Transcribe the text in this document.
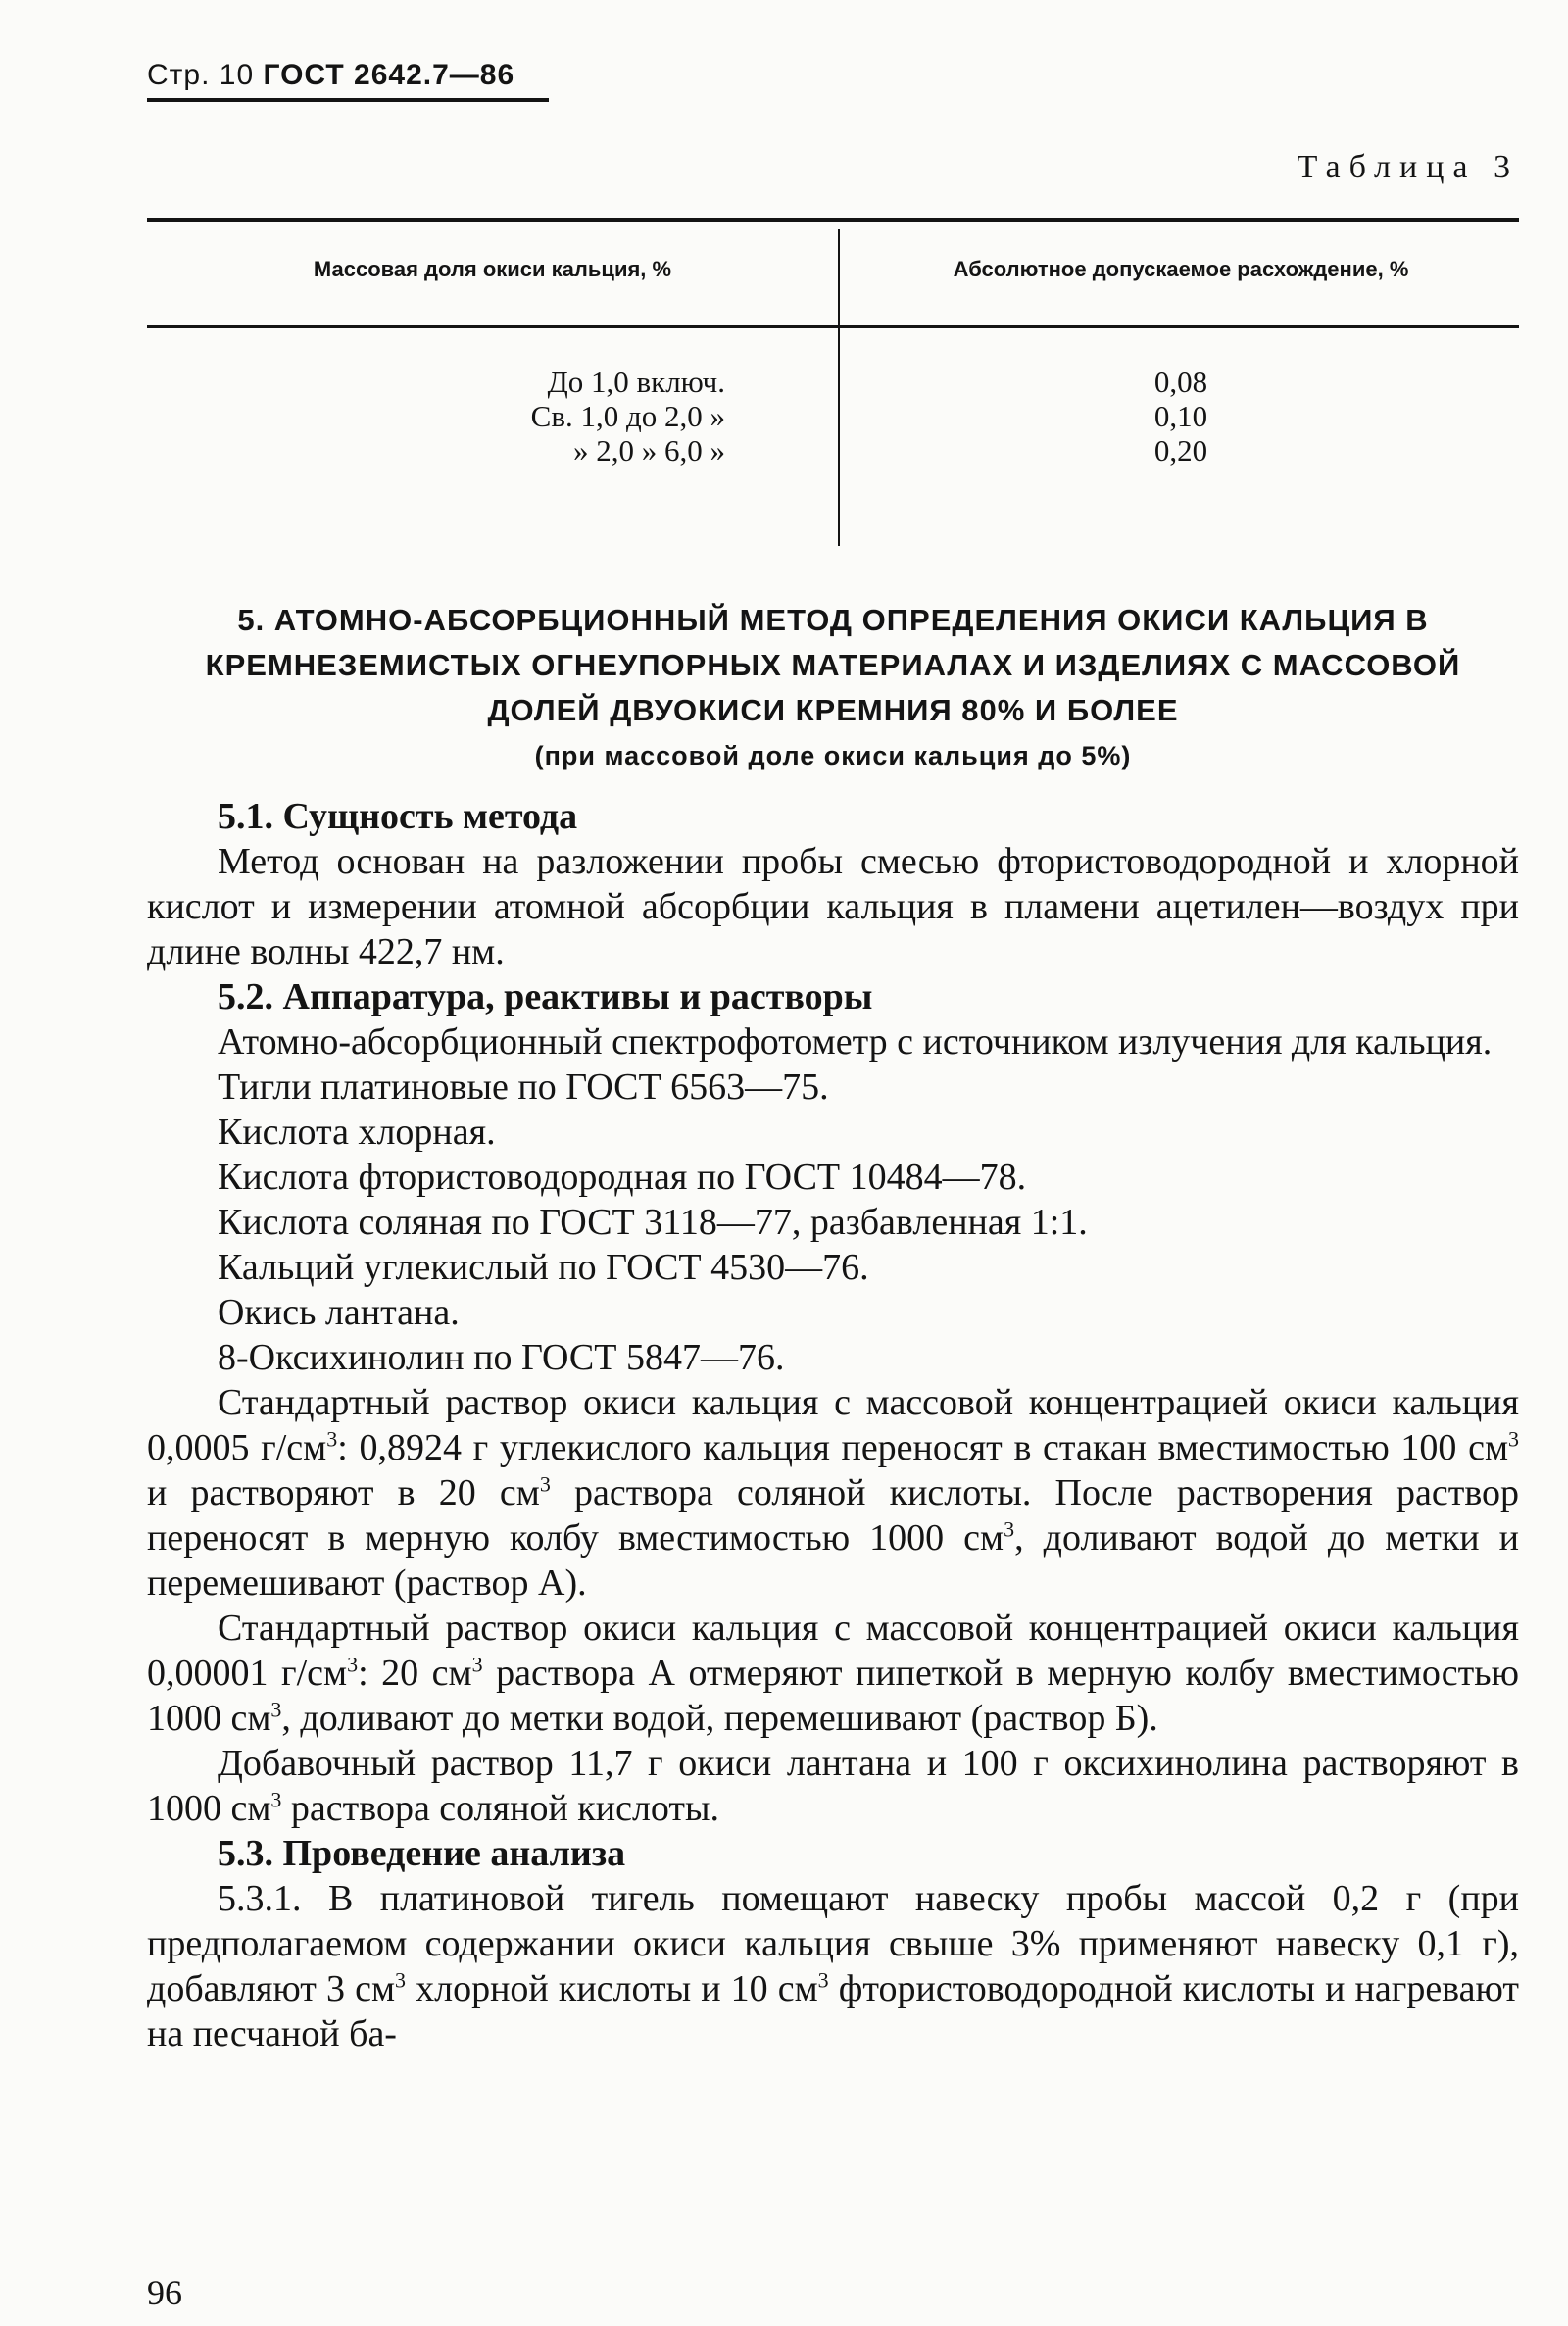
Стр. 10 ГОСТ 2642.7—86
Таблица 3
Массовая доля окиси кальция, %	Абсолютное допускаемое расхождение, %
До 1,0 включ.
Св. 1,0 до 2,0 »
» 2,0 » 6,0 »
0,08
0,10
0,20
5. АТОМНО-АБСОРБЦИОННЫЙ МЕТОД ОПРЕДЕЛЕНИЯ ОКИСИ КАЛЬЦИЯ В КРЕМНЕЗЕМИСТЫХ ОГНЕУПОРНЫХ МАТЕРИАЛАХ И ИЗДЕЛИЯХ С МАССОВОЙ ДОЛЕЙ ДВУОКИСИ КРЕМНИЯ 80% И БОЛЕЕ
(при массовой доле окиси кальция до 5%)

5.1. Сущность метода

Метод основан на разложении пробы смесью фтористоводородной и хлорной кислот и измерении атомной абсорбции кальция в пламени ацетилен—воздух при длине волны 422,7 нм.

5.2. Аппаратура, реактивы и растворы

Атомно-абсорбционный спектрофотометр с источником излучения для кальция.

Тигли платиновые по ГОСТ 6563—75.

Кислота хлорная.

Кислота фтористоводородная по ГОСТ 10484—78.

Кислота соляная по ГОСТ 3118—77, разбавленная 1:1.

Кальций углекислый по ГОСТ 4530—76.

Окись лантана.

8-Оксихинолин по ГОСТ 5847—76.

Стандартный раствор окиси кальция с массовой концентрацией окиси кальция 0,0005 $г/см^3$: 0,8924 г углекислого кальция переносят в стакан вместимостью 100 $см^3$ и растворяют в 20 $см^3$ раствора соляной кислоты. После растворения раствор переносят в мерную колбу вместимостью 1000 $см^3$, доливают водой до метки и перемешивают (раствор А).

Стандартный раствор окиси кальция с массовой концентрацией окиси кальция 0,00001 $г/см^3$: 20 $см^3$ раствора А отмеряют пипеткой в мерную колбу вместимостью 1000 $см^3$, доливают до метки водой, перемешивают (раствор Б).

Добавочный раствор 11,7 г окиси лантана и 100 г оксихинолина растворяют в 1000 $см^3$ раствора соляной кислоты.

5.3. Проведение анализа

5.3.1. В платиновой тигель помещают навеску пробы массой 0,2 г (при предполагаемом содержании окиси кальция свыше 3% применяют навеску 0,1 г), добавляют 3 $см^3$ хлорной кислоты и 10 $см^3$ фтористоводородной кислоты и нагревают на песчаной ба-

96
